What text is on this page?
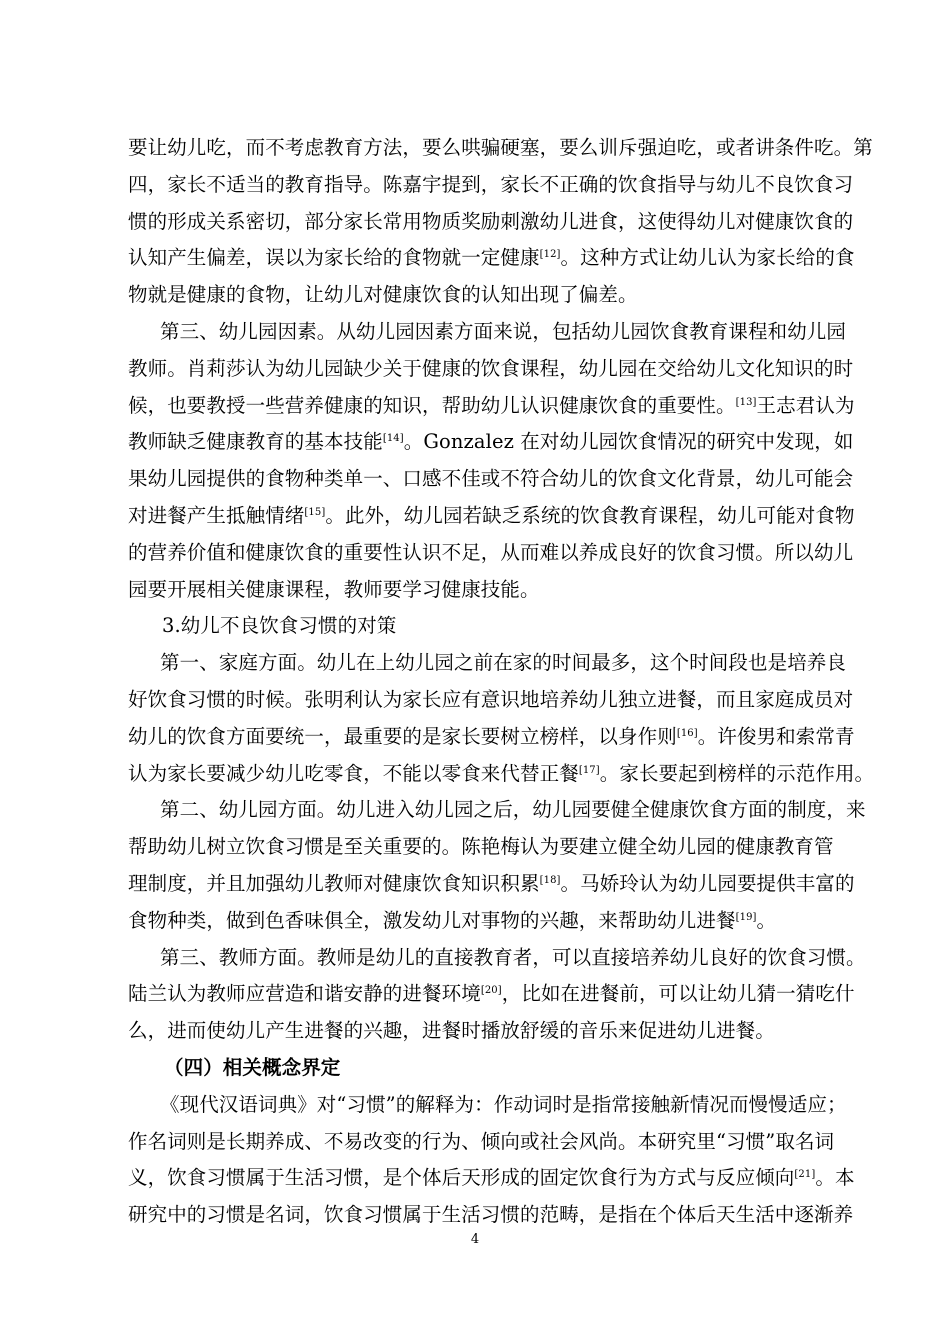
要让幼儿吃，而不考虑教育方法，要么哄骗硬塞，要么训斥强迫吃，或者讲条件吃。第
四，家长不适当的教育指导。陈嘉宇提到，家长不正确的饮食指导与幼儿不良饮食习
惯的形成关系密切，部分家长常用物质奖励刺激幼儿进食，这使得幼儿对健康饮食的
认知产生偏差，误以为家长给的食物就一定健康[12]。这种方式让幼儿认为家长给的食
物就是健康的食物，让幼儿对健康饮食的认知出现了偏差。
第三、幼儿园因素。从幼儿园因素方面来说，包括幼儿园饮食教育课程和幼儿园
教师。肖莉莎认为幼儿园缺少关于健康的饮食课程，幼儿园在交给幼儿文化知识的时
候，也要教授一些营养健康的知识，帮助幼儿认识健康饮食的重要性。[13]王志君认为
教师缺乏健康教育的基本技能[14]。Gonzalez 在对幼儿园饮食情况的研究中发现，如
果幼儿园提供的食物种类单一、口感不佳或不符合幼儿的饮食文化背景，幼儿可能会
对进餐产生抵触情绪[15]。此外，幼儿园若缺乏系统的饮食教育课程，幼儿可能对食物
的营养价值和健康饮食的重要性认识不足，从而难以养成良好的饮食习惯。所以幼儿
园要开展相关健康课程，教师要学习健康技能。
3.幼儿不良饮食习惯的对策
第一、家庭方面。幼儿在上幼儿园之前在家的时间最多，这个时间段也是培养良
好饮食习惯的时候。张明利认为家长应有意识地培养幼儿独立进餐，而且家庭成员对
幼儿的饮食方面要统一，最重要的是家长要树立榜样，以身作则[16]。许俊男和索常青
认为家长要减少幼儿吃零食，不能以零食来代替正餐[17]。家长要起到榜样的示范作用。
第二、幼儿园方面。幼儿进入幼儿园之后，幼儿园要健全健康饮食方面的制度，来
帮助幼儿树立饮食习惯是至关重要的。陈艳梅认为要建立健全幼儿园的健康教育管
理制度，并且加强幼儿教师对健康饮食知识积累[18]。马娇玲认为幼儿园要提供丰富的
食物种类，做到色香味俱全，激发幼儿对事物的兴趣，来帮助幼儿进餐[19]。
第三、教师方面。教师是幼儿的直接教育者，可以直接培养幼儿良好的饮食习惯。
陆兰认为教师应营造和谐安静的进餐环境[20]，比如在进餐前，可以让幼儿猜一猜吃什
么，进而使幼儿产生进餐的兴趣，进餐时播放舒缓的音乐来促进幼儿进餐。
（四）相关概念界定
《现代汉语词典》对“习惯”的解释为：作动词时是指常接触新情况而慢慢适应；
作名词则是长期养成、不易改变的行为、倾向或社会风尚。本研究里“习惯”取名词
义，饮食习惯属于生活习惯，是个体后天形成的固定饮食行为方式与反应倾向[21]。本
研究中的习惯是名词，饮食习惯属于生活习惯的范畴，是指在个体后天生活中逐渐养
4
